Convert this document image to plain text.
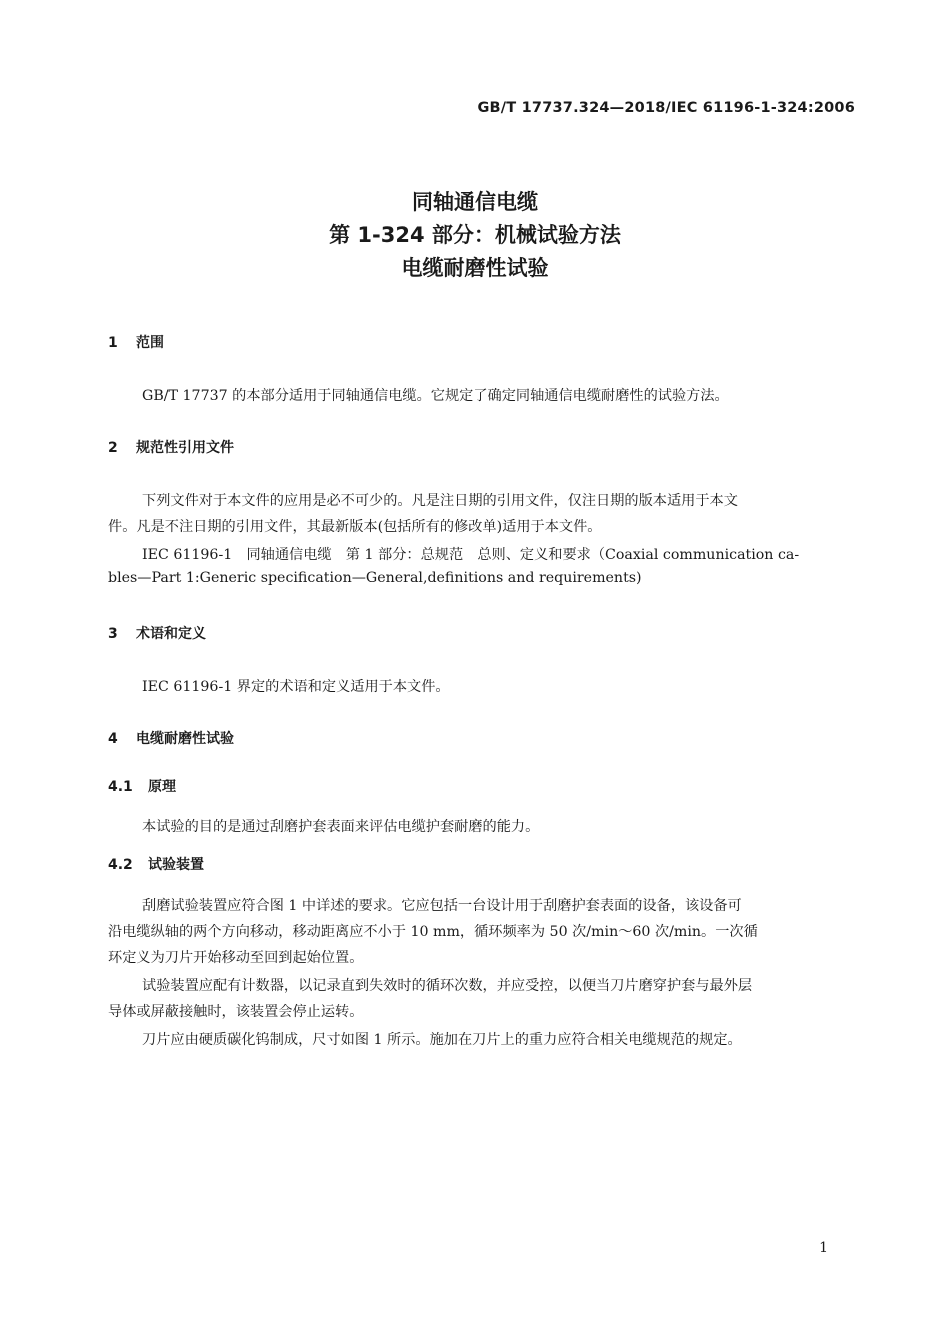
GB/T 17737.324—2018/IEC 61196-1-324:2006
同轴通信电缆
第 1-324 部分：机械试验方法
电缆耐磨性试验
1 范围
GB/T 17737 的本部分适用于同轴通信电缆。它规定了确定同轴通信电缆耐磨性的试验方法。
2 规范性引用文件
下列文件对于本文件的应用是必不可少的。凡是注日期的引用文件，仅注日期的版本适用于本文
件。凡是不注日期的引用文件，其最新版本(包括所有的修改单)适用于本文件。
IEC 61196-1　同轴通信电缆　第 1 部分：总规范　总则、定义和要求（Coaxial communication ca-
bles—Part 1:Generic specification—General,definitions and requirements)
3 术语和定义
IEC 61196-1 界定的术语和定义适用于本文件。
4 电缆耐磨性试验
4.1 原理
本试验的目的是通过刮磨护套表面来评估电缆护套耐磨的能力。
4.2 试验装置
刮磨试验装置应符合图 1 中详述的要求。它应包括一台设计用于刮磨护套表面的设备，该设备可
沿电缆纵轴的两个方向移动，移动距离应不小于 10 mm，循环频率为 50 次/min～60 次/min。一次循
环定义为刀片开始移动至回到起始位置。
试验装置应配有计数器，以记录直到失效时的循环次数，并应受控，以便当刀片磨穿护套与最外层
导体或屏蔽接触时，该装置会停止运转。
刀片应由硬质碳化钨制成，尺寸如图 1 所示。施加在刀片上的重力应符合相关电缆规范的规定。
1
